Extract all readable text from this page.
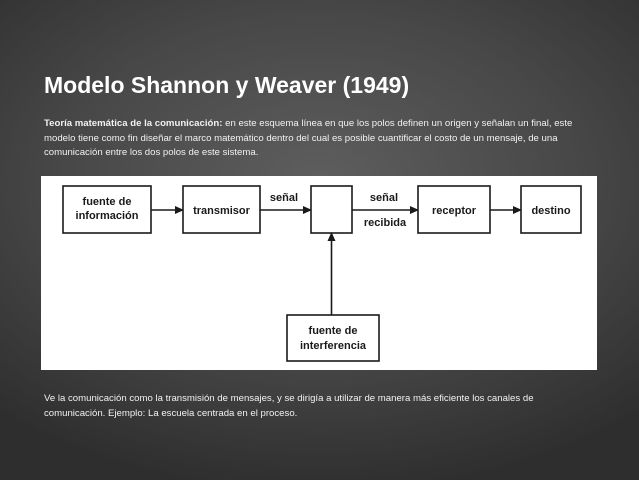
Modelo Shannon y Weaver (1949)

Teoría matemática de la comunicación: en este esquema línea en que los polos definen un origen y señalan un final, este modelo tiene como fin diseñar el marco matemático dentro del cual es posible cuantificar el costo de un mensaje, de una comunicación entre los dos polos de este sistema.

fuente de
información	transmisor
señal	señal
recibida
receptor	destino
fuente de
interferencia

Ve la comunicación como la transmisión de mensajes, y se dirigía a utilizar de manera más eficiente los canales de comunicación. Ejemplo: La escuela centrada en el proceso.
